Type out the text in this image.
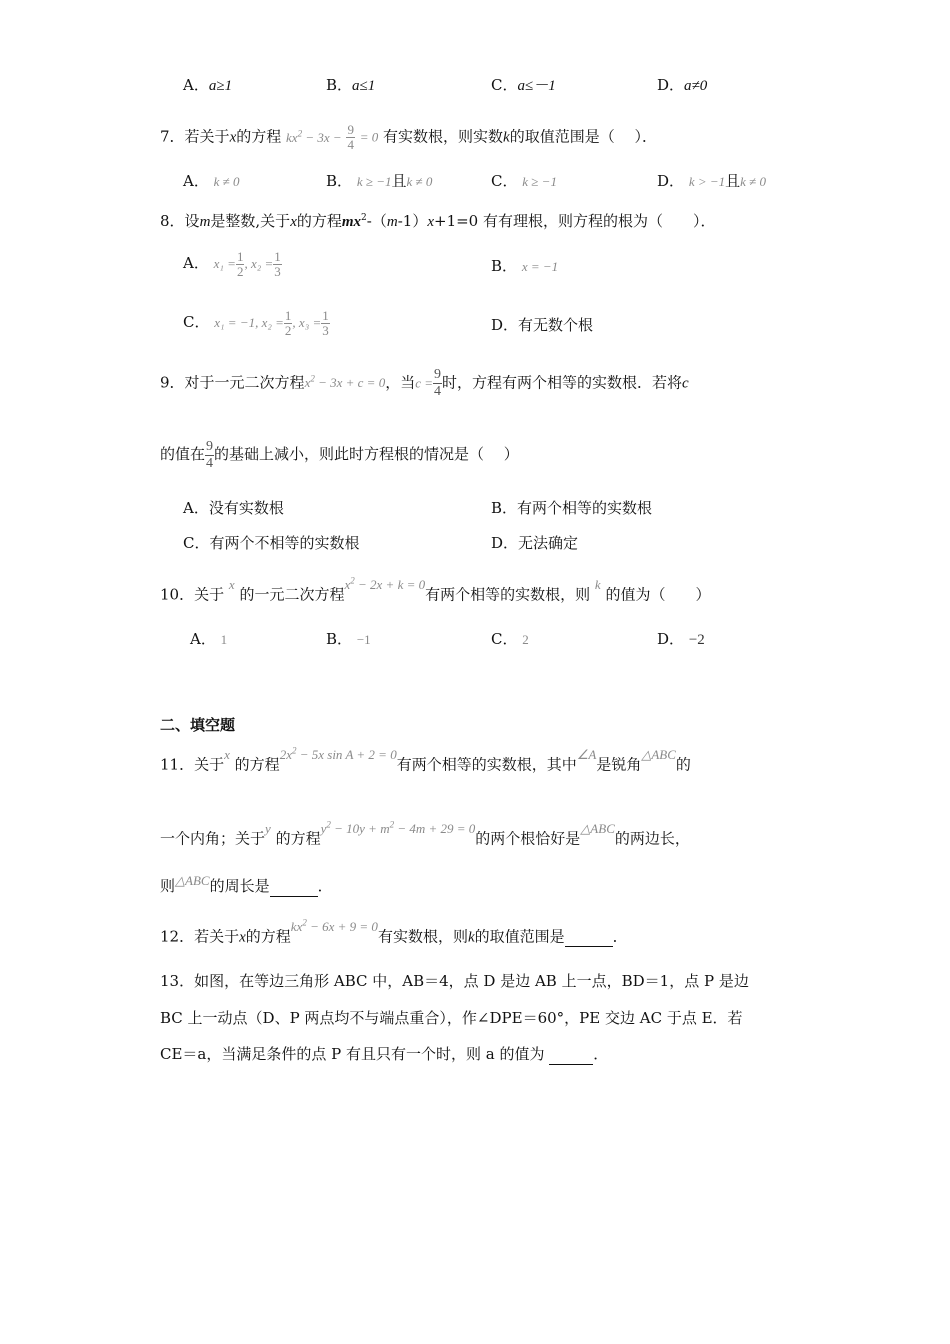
A．a≥1	B．a≤1	C．a≤－1	D．a≠0
7．若关于x的方程 $kx^2 - 3x - \frac{9}{4} = 0$ 有实数根，则实数k的取值范围是（　 ）．
A． k ≠ 0	B． k ≥ −1且k ≠ 0	C． k ≥ −1	D． k > −1且k ≠ 0
8．设m是整数,关于x的方程$mx^2-(m-1)x+1=0$ 有有理根，则方程的根为（　　）．
A． $x_1 = \frac{1}{2}$ , $x_2 = \frac{1}{3}$	B． x = −1
C． x₁ = −1, $x_2 = \frac{1}{2}$ , $x_3 = \frac{1}{3}$	D．有无数个根
9．对于一元二次方程$x^2 - 3x + c = 0$，当$c = \frac{9}{4}$ 时，方程有两个相等的实数根．若将c
的值在 $\frac{9}{4}$ 的基础上减小，则此时方程根的情况是（　 ）
A．没有实数根	B．有两个相等的实数根
C．有两个不相等的实数根	D．无法确定
10．关于 x 的一元二次方程$x^2 - 2x + k = 0$有两个相等的实数根，则 k 的值为（　　）
A． 1	B． −1	C． 2	D． −2
二、填空题
11．关于x 的方程$2x^2 - 5x$ sin A + 2 = 0有两个相等的实数根，其中∠A是锐角△ABC的
一个内角；关于y 的方程$y^2 - 10y + m^2 - 4m + 29 = 0$的两个根恰好是△ABC的两边长，
则△ABC的周长是	．
12．若关于x的方程$kx^2 - 6x + 9 = 0$有实数根，则k的取值范围是	．
13．如图，在等边三角形 ABC 中，AB＝4，点 D 是边 AB 上一点，BD＝1，点 P 是边
BC 上一动点（D、P 两点均不与端点重合），作∠DPE＝60°，PE 交边 AC 于点 E．若
CE＝a，当满足条件的点 P 有且只有一个时，则 a 的值为	．
